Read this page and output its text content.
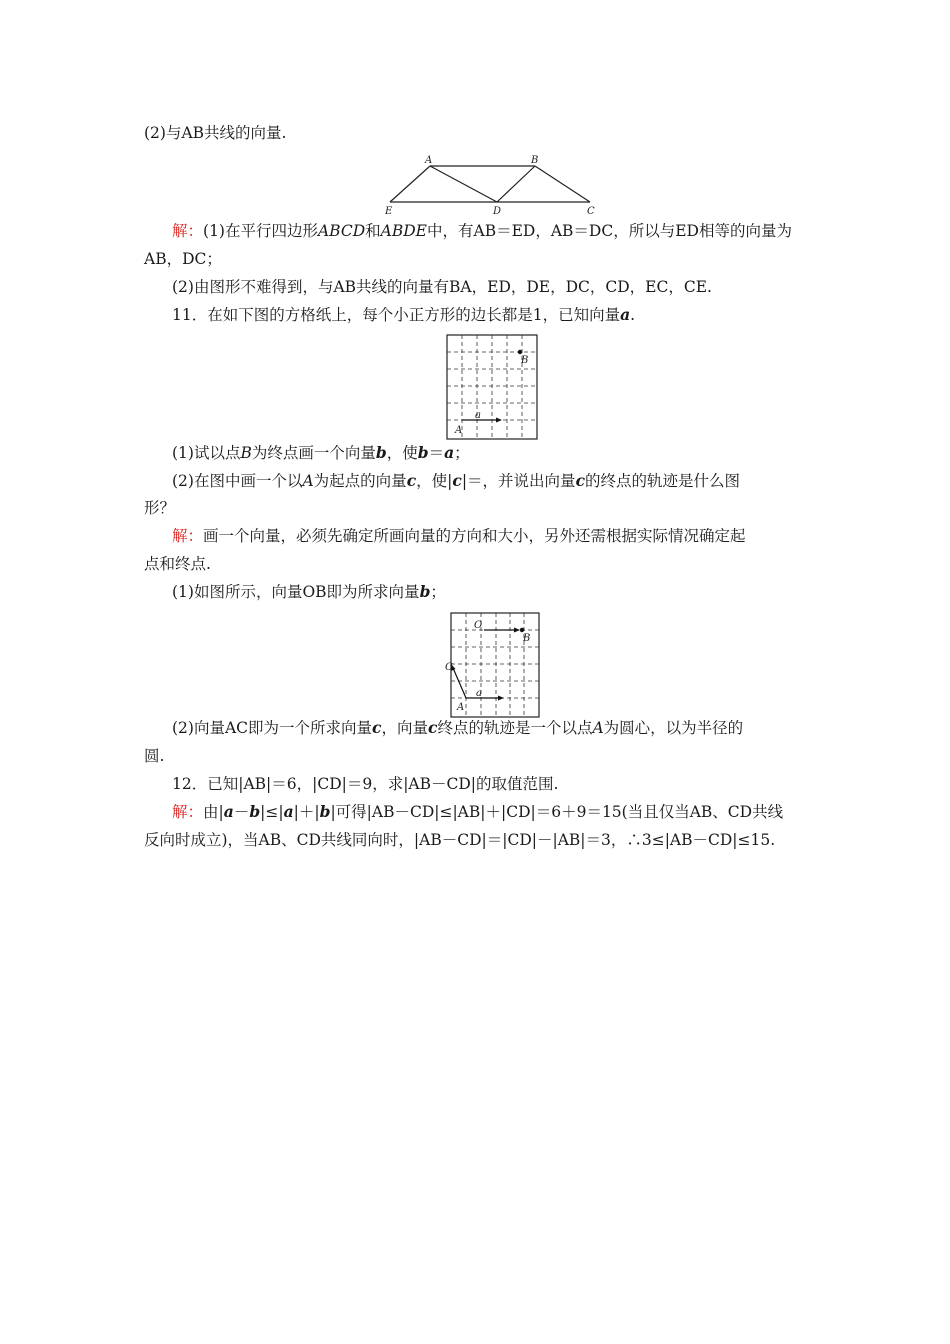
(2)与AB共线的向量.
A	B
E	D	C
解：(1)在平行四边形ABCD和ABDE中，有AB＝ED，AB＝DC，所以与ED相等的向量为
AB，DC；
(2)由图形不难得到，与AB共线的向量有BA，ED，DE，DC，CD，EC，CE.
11．在如下图的方格纸上，每个小正方形的边长都是1，已知向量a.
B
a
A
(1)试以点B为终点画一个向量b，使b＝a；
(2)在图中画一个以A为起点的向量c，使|c|＝，并说出向量c的终点的轨迹是什么图
形？
解：画一个向量，必须先确定所画向量的方向和大小，另外还需根据实际情况确定起
点和终点.
(1)如图所示，向量OB即为所求向量b；
O
B
C
a
A
(2)向量AC即为一个所求向量c，向量c终点的轨迹是一个以点A为圆心，以为半径的
圆.
12．已知|AB|＝6，|CD|＝9，求|AB－CD|的取值范围.
解：由|a－b|≤|a|＋|b|可得|AB－CD|≤|AB|＋|CD|＝6＋9＝15(当且仅当AB、CD共线
反向时成立)，当AB、CD共线同向时，|AB－CD|＝|CD|－|AB|＝3，∴3≤|AB－CD|≤15.
